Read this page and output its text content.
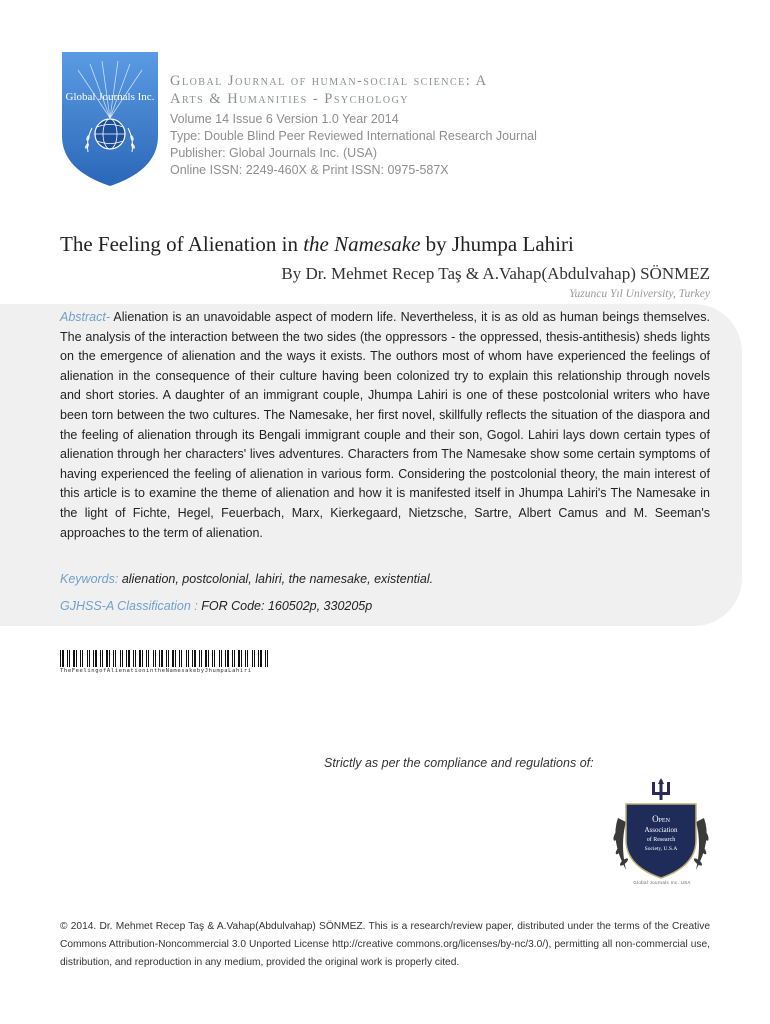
Global Journals Inc.
Global Journal of human-social science: A
Arts & Humanities - Psychology
Volume 14 Issue 6 Version 1.0 Year 2014
Type: Double Blind Peer Reviewed International Research Journal
Publisher: Global Journals Inc. (USA)
Online ISSN: 2249-460X & Print ISSN: 0975-587X
The Feeling of Alienation in the Namesake by Jhumpa Lahiri
By Dr. Mehmet Recep Taş & A.Vahap(Abdulvahap) SÖNMEZ
Yuzuncu Yıl University, Turkey
Abstract- Alienation is an unavoidable aspect of modern life. Nevertheless, it is as old as human beings themselves. The analysis of the interaction between the two sides (the oppressors - the oppressed, thesis-antithesis) sheds lights on the emergence of alienation and the ways it exists. The outhors most of whom have experienced the feelings of alienation in the consequence of their culture having been colonized try to explain this relationship through novels and short stories. A daughter of an immigrant couple, Jhumpa Lahiri is one of these postcolonial writers who have been torn between the two cultures. The Namesake, her first novel, skillfully reflects the situation of the diaspora and the feeling of alienation through its Bengali immigrant couple and their son, Gogol. Lahiri lays down certain types of alienation through her characters' lives adventures. Characters from The Namesake show some certain symptoms of having experienced the feeling of alienation in various form. Considering the postcolonial theory, the main interest of this article is to examine the theme of alienation and how it is manifested itself in Jhumpa Lahiri's The Namesake in the light of Fichte, Hegel, Feuerbach, Marx, Kierkegaard, Nietzsche, Sartre, Albert Camus and M. Seeman's approaches to the term of alienation.
Keywords: alienation, postcolonial, lahiri, the namesake, existential.
GJHSS-A Classification : FOR Code: 160502p, 330205p
TheFeelingofAlienationintheNamesakebyJhumpaLahiri
Strictly as per the compliance and regulations of:
Open
Association
of Research
Society, U.S.A
Global Journals Inc. USA
© 2014. Dr. Mehmet Recep Taş & A.Vahap(Abdulvahap) SÖNMEZ. This is a research/review paper, distributed under the terms of the Creative Commons Attribution-Noncommercial 3.0 Unported License http://creative commons.org/licenses/by-nc/3.0/), permitting all non-commercial use, distribution, and reproduction in any medium, provided the original work is properly cited.
